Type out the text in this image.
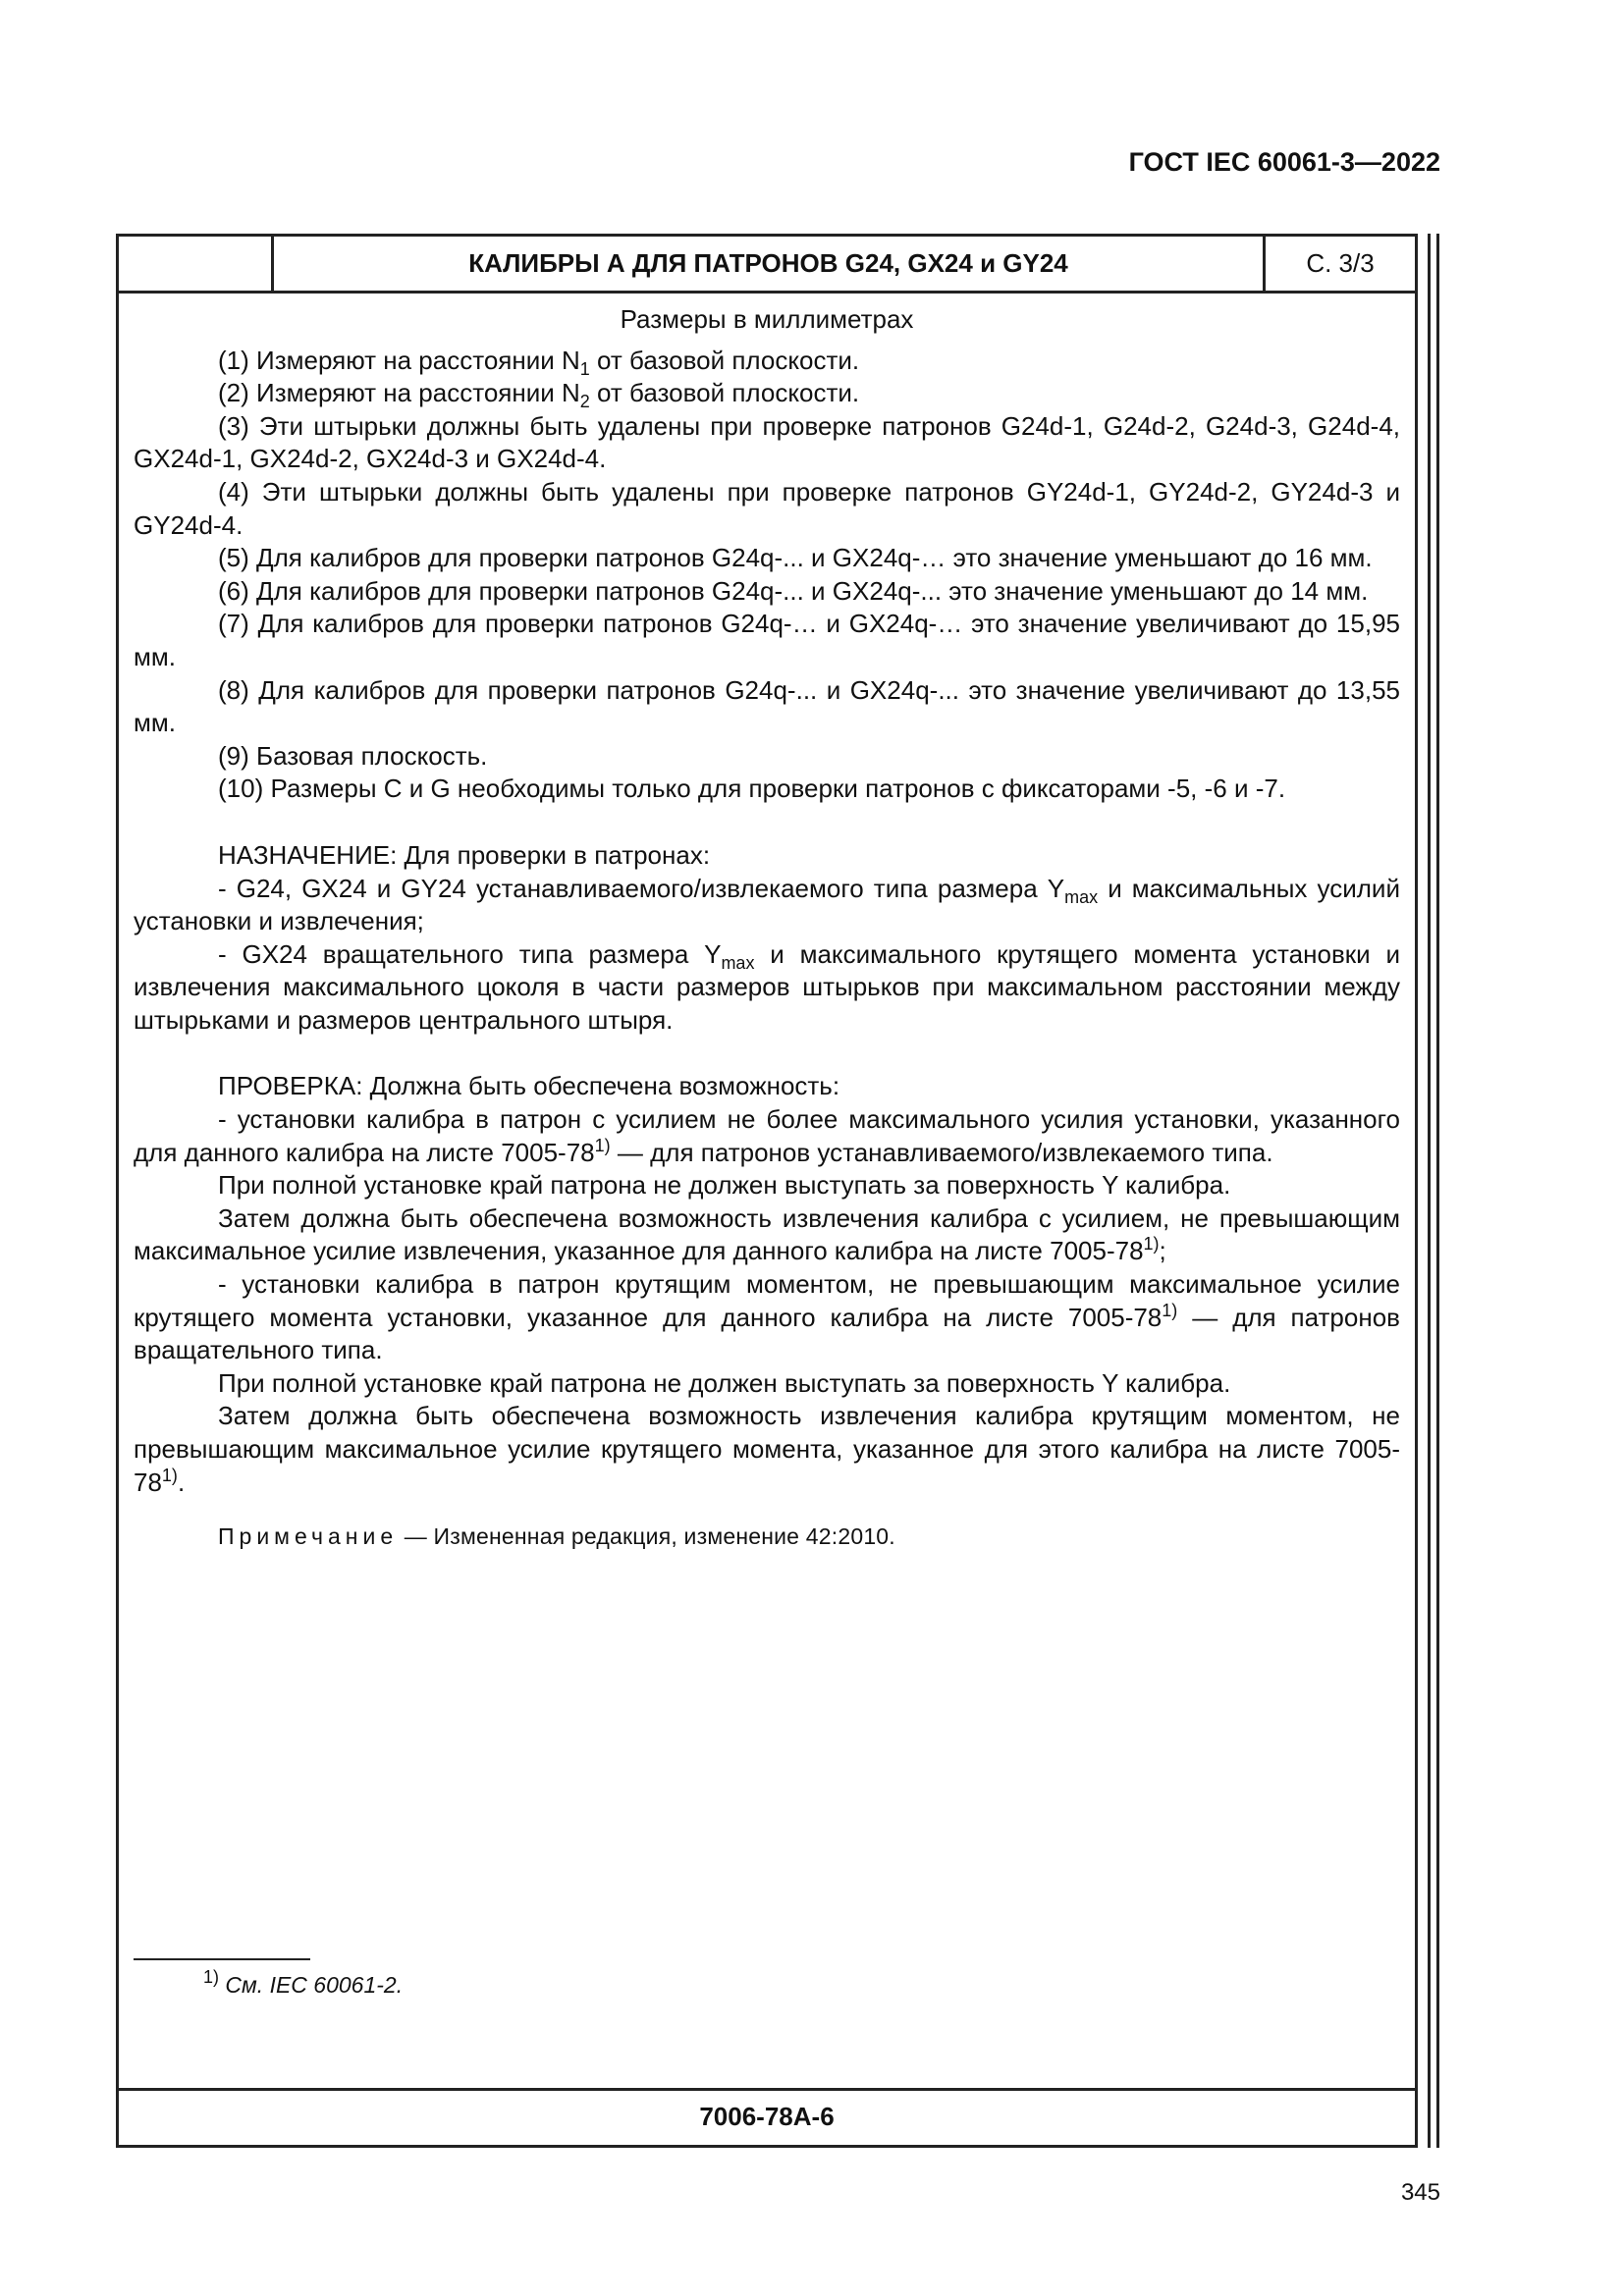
ГОСТ IEC 60061-3—2022
КАЛИБРЫ А ДЛЯ ПАТРОНОВ G24, GX24 и GY24	С. 3/3
Размеры в миллиметрах

(1) Измеряют на расстоянии $N_1$ от базовой плоскости.

(2) Измеряют на расстоянии $N_2$ от базовой плоскости.

(3) Эти штырьки должны быть удалены при проверке патронов G24d-1, G24d-2, G24d-3, G24d-4, GX24d-1, GX24d-2, GX24d-3 и GX24d-4.

(4) Эти штырьки должны быть удалены при проверке патронов GY24d-1, GY24d-2, GY24d-3 и GY24d-4.

(5) Для калибров для проверки патронов G24q-... и GX24q-… это значение уменьшают до 16 мм.

(6) Для калибров для проверки патронов G24q-... и GX24q-... это значение уменьшают до 14 мм.

(7) Для калибров для проверки патронов G24q-… и GX24q-… это значение увеличивают до 15,95 мм.

(8) Для калибров для проверки патронов G24q-... и GX24q-... это значение увеличивают до 13,55 мм.

(9) Базовая плоскость.

(10) Размеры C и G необходимы только для проверки патронов с фиксаторами -5, -6 и -7.

НАЗНАЧЕНИЕ: Для проверки в патронах:

- G24, GX24 и GY24 устанавливаемого/извлекаемого типа размера $Y_{max}$ и максимальных усилий установки и извлечения;

- GX24 вращательного типа размера $Y_{max}$ и максимального крутящего момента установки и извлечения максимального цоколя в части размеров штырьков при максимальном расстоянии между штырьками и размеров центрального штыря.

ПРОВЕРКА: Должна быть обеспечена возможность:

- установки калибра в патрон с усилием не более максимального усилия установки, указанного для данного калибра на листе 7005-78$^{1)}$ — для патронов устанавливаемого/извлекаемого типа.

При полной установке край патрона не должен выступать за поверхность Y калибра.

Затем должна быть обеспечена возможность извлечения калибра с усилием, не превышающим максимальное усилие извлечения, указанное для данного калибра на листе 7005-78$^{1)}$;

- установки калибра в патрон крутящим моментом, не превышающим максимальное усилие крутящего момента установки, указанное для данного калибра на листе 7005-78$^{1)}$ — для патронов вращательного типа.

При полной установке край патрона не должен выступать за поверхность Y калибра.

Затем должна быть обеспечена возможность извлечения калибра крутящим моментом, не превышающим максимальное усилие крутящего момента, указанное для этого калибра на листе 7005-78$^{1)}$.

Примечание — Измененная редакция, изменение 42:2010.

$^{1)}$ См. IEC 60061-2.
7006-78A-6
345
